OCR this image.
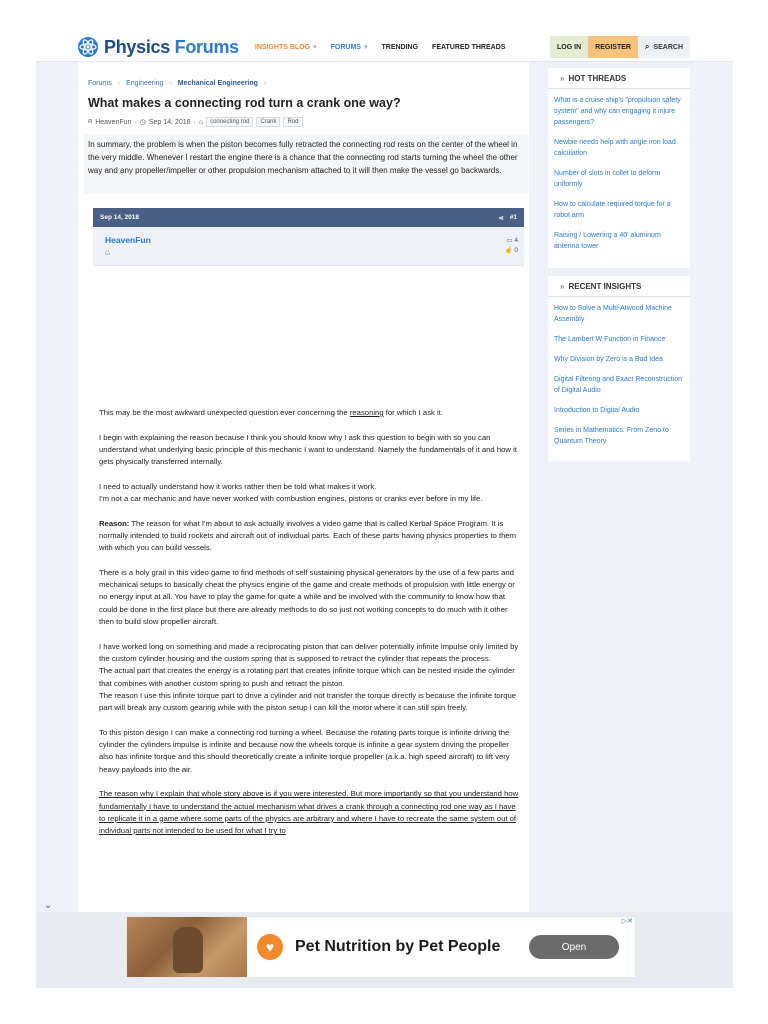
Physics Forums INSIGHTS BLOG ▾ FORUMS ▾ TRENDING FEATURED THREADS	LOG IN	REGISTER	⌕ SEARCH
Forums › Engineering › Mechanical Engineering ›
What makes a connecting rod turn a crank one way?
⍝ HeavenFun · ◷ Sep 14, 2018 · ⌂	connecting rod	Crank	Rod
In summary, the problem is when the piston becomes fully retracted the connecting rod rests on the center of the wheel in the very middle. Whenever I restart the engine there is a chance that the connecting rod starts turning the wheel the other way and any propeller/impeller or other propulsion mechanism attached to it will then make the vessel go backwards.
Sep 14, 2018	⋖ #1
HeavenFun
⍝
▭ 4
☝ 0

This may be the most awkward unexpected question ever concerning the reasoning for which I ask it.

I begin with explaining the reason because I think you should know why I ask this question to begin with so you can understand what underlying basic principle of this mechanic I want to understand. Namely the fundamentals of it and how it gets physically transferred internally.

I need to actually understand how it works rather then be told what makes it work.
I'm not a car mechanic and have never worked with combustion engines, pistons or cranks ever before in my life.

Reason: The reason for what I'm about to ask actually involves a video game that is called Kerbal Space Program. It is normally intended to build rockets and aircraft out of individual parts. Each of these parts having physics properties to them with which you can build vessels.

There is a holy grail in this video game to find methods of self sustaining physical generators by the use of a few parts and mechanical setups to basically cheat the physics engine of the game and create methods of propulsion with little energy or no energy input at all. You have to play the game for quite a while and be involved with the community to know how that could be done in the first place but there are already methods to do so just not working concepts to do much with it other then to build slow propeller aircraft.

I have worked long on something and made a reciprocating piston that can deliver potentially infinite impulse only limited by the custom cylinder housing and the custom spring that is supposed to retract the cylinder that repeats the process.
The actual part that creates the energy is a rotating part that creates infinite torque which can be nested inside the cylinder that combines with another custom spring to push and retract the piston.
The reason I use this infinite torque part to drive a cylinder and not transfer the torque directly is because the infinite torque part will break any custom gearing while with the piston setup I can kill the motor where it can still spin freely.

To this piston design I can make a connecting rod turning a wheel. Because the rotating parts torque is infinite driving the cylinder the cylinders impulse is infinite and because now the wheels torque is infinite a gear system driving the propeller also has infinite torque and this should theoretically create a infinite torque propeller (a.k.a. high speed aircraft) to lift very heavy payloads into the air.

The reason why I explain that whole story above is if you were interested. But more importantly so that you understand how fundamentally I have to understand the actual mechanism what drives a crank through a connecting rod one way as I have to replicate it in a game where some parts of the physics are arbitrary and where I have to recreate the same system out of individual parts not intended to be used for what I try to

» HOT THREADS
What is a cruise ship's "propulsion safety system" and why can engaging it injure passengers?
Newbie needs help with angle iron load calculation
Number of slots in collet to deform uniformly
How to calculate required torque for a robot arm
Raising / Lowering a 40' aluminum antenna tower
» RECENT INSIGHTS
How to Solve a Multi-Atwood Machine Assembly
The Lambert W Function in Finance
Why Division by Zero is a Bad Idea
Digital Filtering and Exact Reconstruction of Digital Audio
Introduction to Digital Audio
Series in Mathematics: From Zeno to Quantum Theory
⌄
♥	Pet Nutrition by Pet People	Open
▷✕
